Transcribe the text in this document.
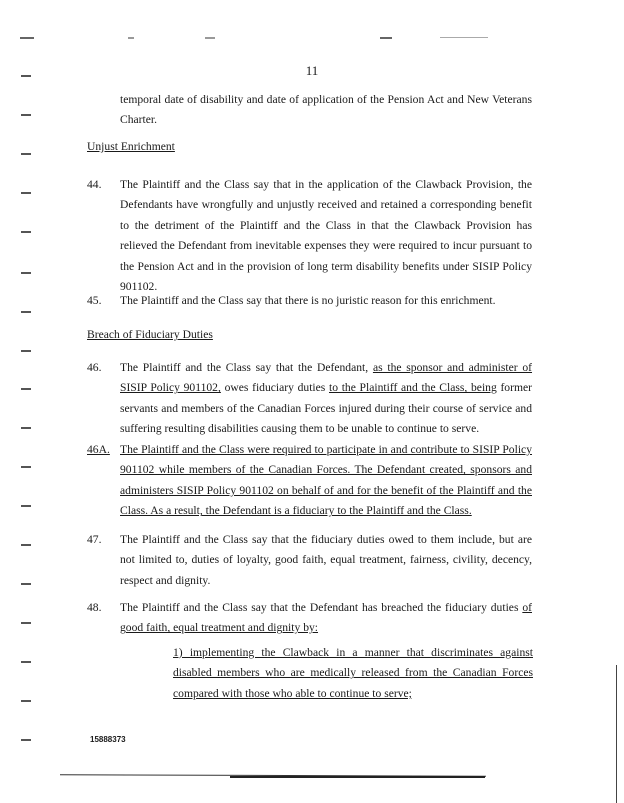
11
temporal date of disability and date of application of the Pension Act and New Veterans Charter.
Unjust Enrichment
44. The Plaintiff and the Class say that in the application of the Clawback Provision, the Defendants have wrongfully and unjustly received and retained a corresponding benefit to the detriment of the Plaintiff and the Class in that the Clawback Provision has relieved the Defendant from inevitable expenses they were required to incur pursuant to the Pension Act and in the provision of long term disability benefits under SISIP Policy 901102.
45. The Plaintiff and the Class say that there is no juristic reason for this enrichment.
Breach of Fiduciary Duties
46. The Plaintiff and the Class say that the Defendant, as the sponsor and administer of SISIP Policy 901102, owes fiduciary duties to the Plaintiff and the Class, being former servants and members of the Canadian Forces injured during their course of service and suffering resulting disabilities causing them to be unable to continue to serve.
46A. The Plaintiff and the Class were required to participate in and contribute to SISIP Policy 901102 while members of the Canadian Forces. The Defendant created, sponsors and administers SISIP Policy 901102 on behalf of and for the benefit of the Plaintiff and the Class. As a result, the Defendant is a fiduciary to the Plaintiff and the Class.
47. The Plaintiff and the Class say that the fiduciary duties owed to them include, but are not limited to, duties of loyalty, good faith, equal treatment, fairness, civility, decency, respect and dignity.
48. The Plaintiff and the Class say that the Defendant has breached the fiduciary duties of good faith, equal treatment and dignity by:
1) implementing the Clawback in a manner that discriminates against disabled members who are medically released from the Canadian Forces compared with those who able to continue to serve;
15888373
